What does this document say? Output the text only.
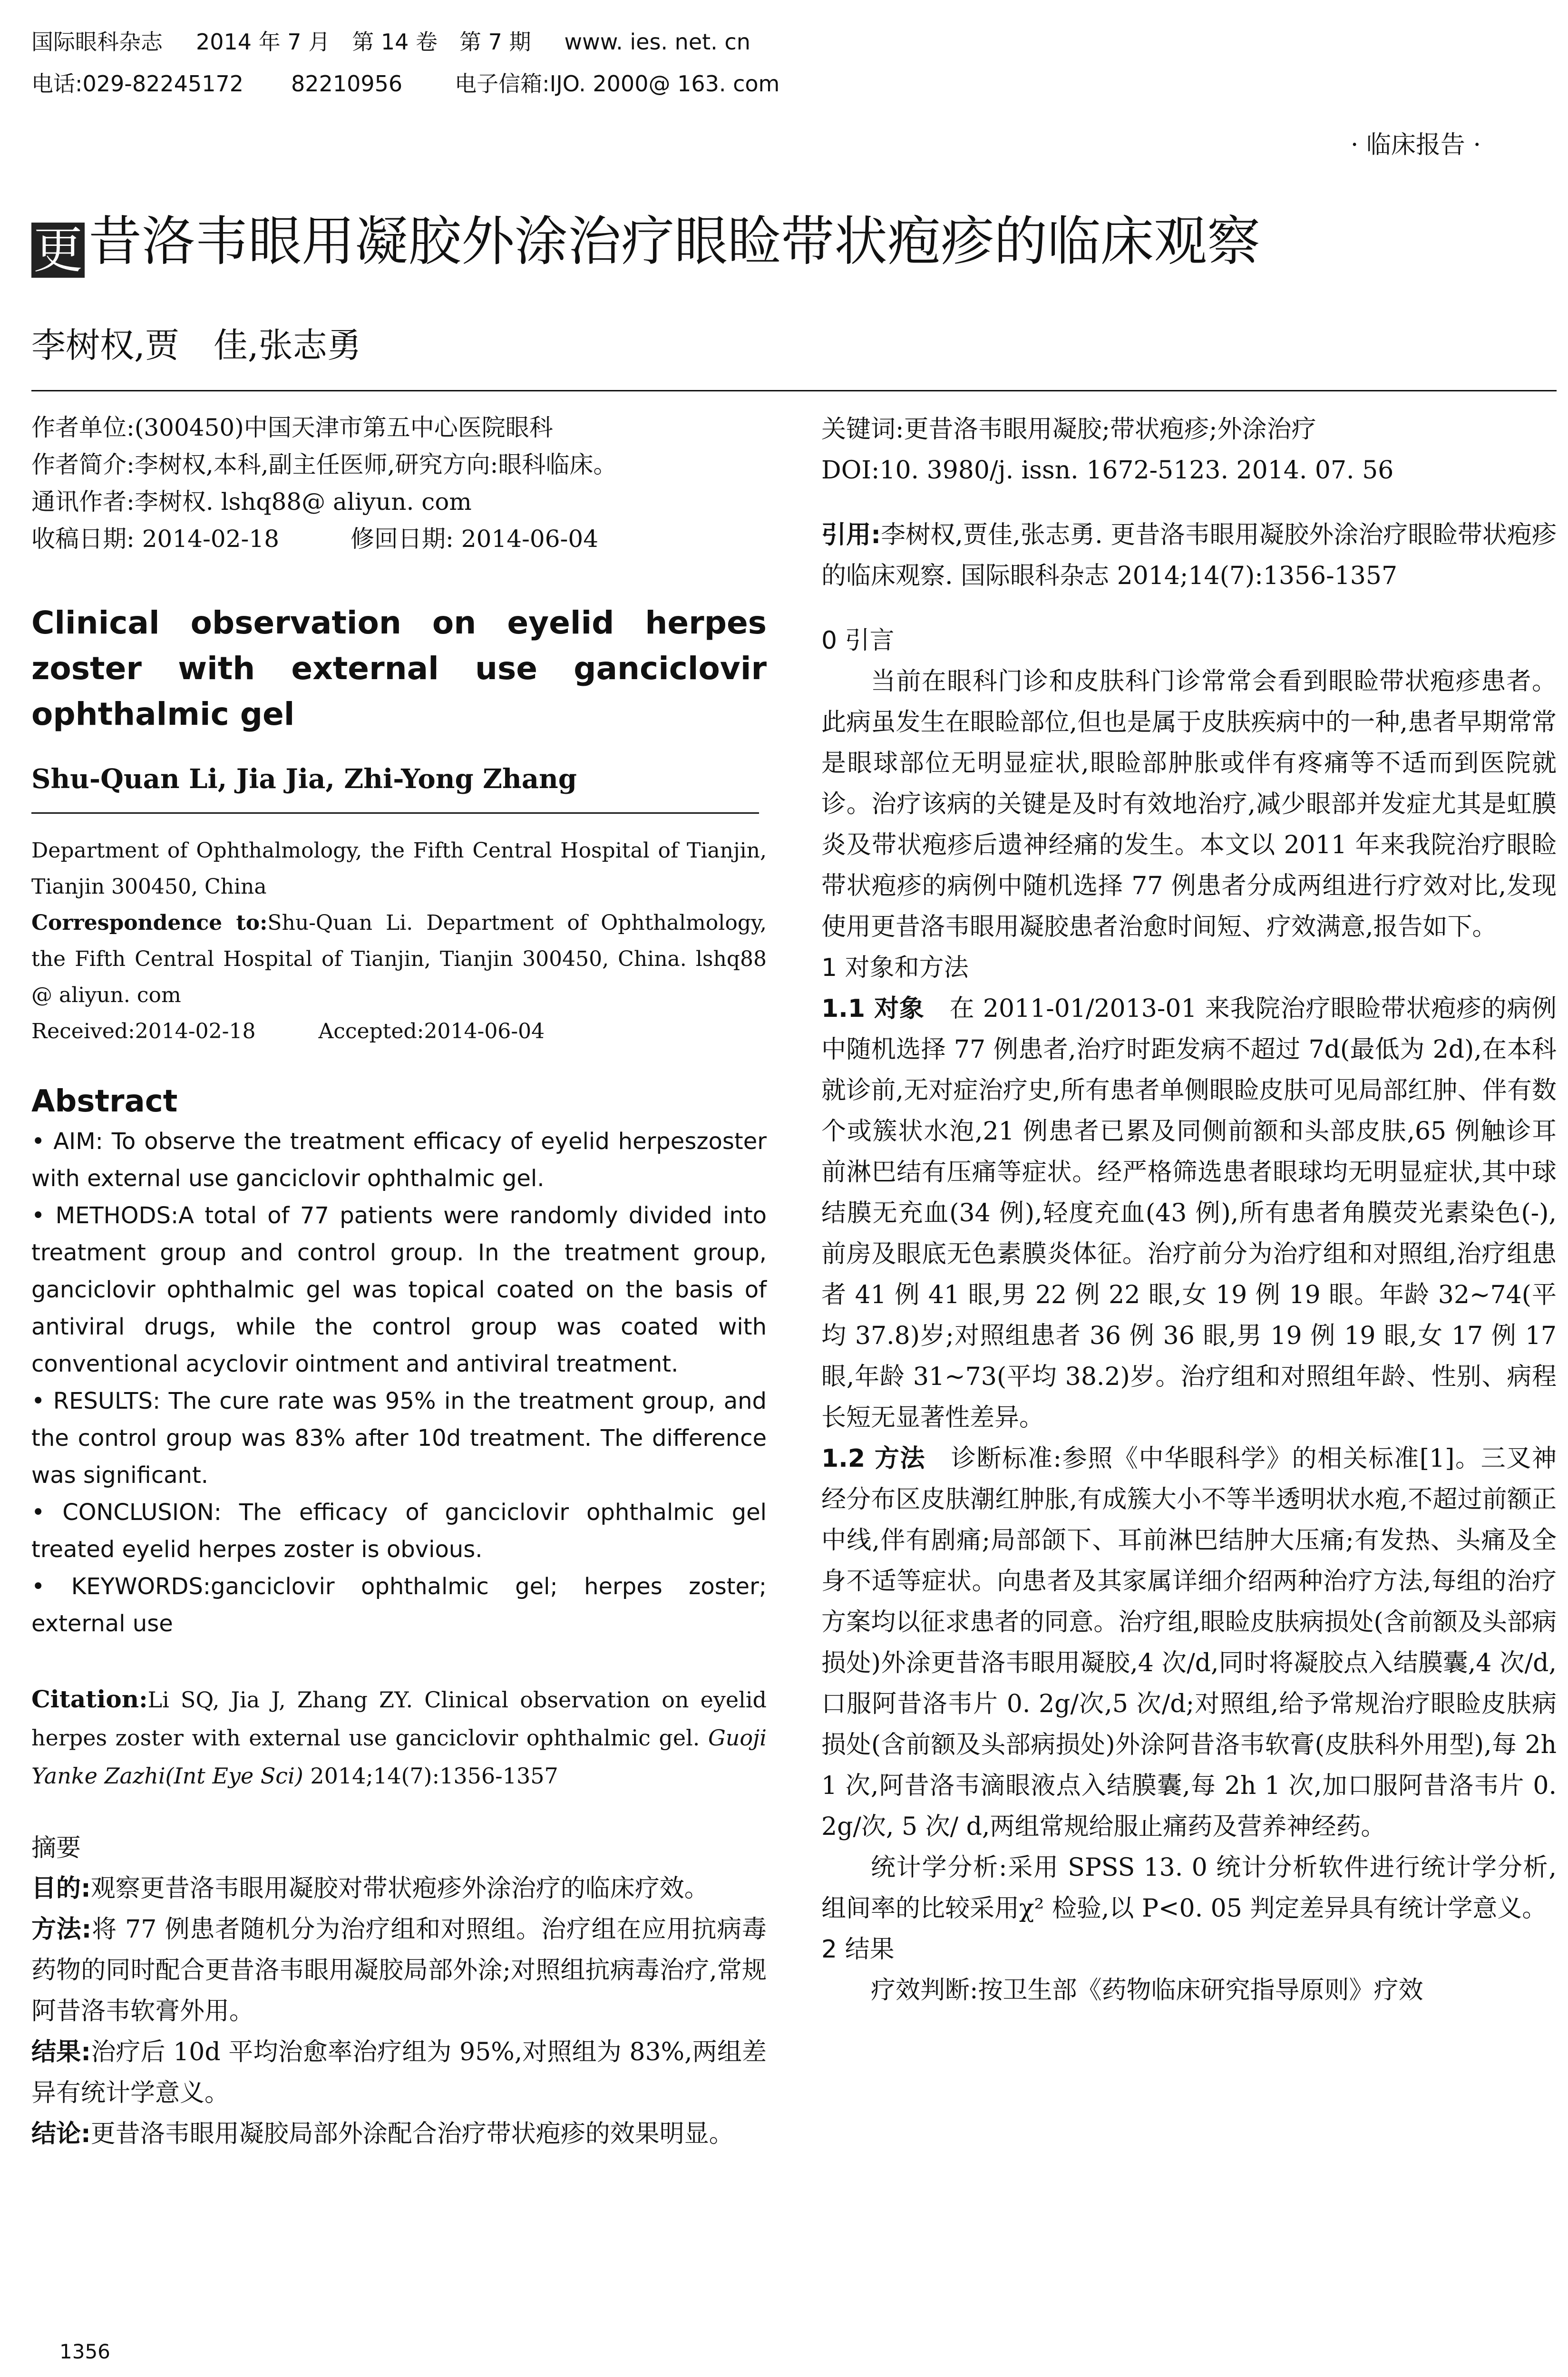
国际眼科杂志 2014 年 7 月　第 14 卷　第 7 期 www. ies. net. cn
电话:029-82245172 82210956 电子信箱:IJO. 2000@ 163. com
· 临床报告 ·
更 昔洛韦眼用凝胶外涂治疗眼睑带状疱疹的临床观察
李树权,贾　佳,张志勇
作者单位:(300450)中国天津市第五中心医院眼科
作者简介:李树权,本科,副主任医师,研究方向:眼科临床。
通讯作者:李树权. lshq88@ aliyun. com
收稿日期: 2014-02-18　　　修回日期: 2014-06-04
Clinical observation on eyelid herpes zoster with external use ganciclovir ophthalmic gel
Shu-Quan Li, Jia Jia, Zhi-Yong Zhang
Department of Ophthalmology, the Fifth Central Hospital of Tianjin, Tianjin 300450, China
Correspondence to:Shu-Quan Li. Department of Ophthalmology, the Fifth Central Hospital of Tianjin, Tianjin 300450, China. lshq88 @ aliyun. com
Received:2014-02-18　　　Accepted:2014-06-04
Abstract
• AIM: To observe the treatment efficacy of eyelid herpeszoster with external use ganciclovir ophthalmic gel.
• METHODS:A total of 77 patients were randomly divided into treatment group and control group. In the treatment group, ganciclovir ophthalmic gel was topical coated on the basis of antiviral drugs, while the control group was coated with conventional acyclovir ointment and antiviral treatment.
• RESULTS: The cure rate was 95% in the treatment group, and the control group was 83% after 10d treatment. The difference was significant.
• CONCLUSION: The efficacy of ganciclovir ophthalmic gel treated eyelid herpes zoster is obvious.
• KEYWORDS:ganciclovir ophthalmic gel; herpes zoster; external use
Citation:Li SQ, Jia J, Zhang ZY. Clinical observation on eyelid herpes zoster with external use ganciclovir ophthalmic gel. Guoji Yanke Zazhi(Int Eye Sci) 2014;14(7):1356-1357
摘要
目的:观察更昔洛韦眼用凝胶对带状疱疹外涂治疗的临床疗效。
方法:将 77 例患者随机分为治疗组和对照组。治疗组在应用抗病毒药物的同时配合更昔洛韦眼用凝胶局部外涂;对照组抗病毒治疗,常规阿昔洛韦软膏外用。
结果:治疗后 10d 平均治愈率治疗组为 95%,对照组为 83%,两组差异有统计学意义。
结论:更昔洛韦眼用凝胶局部外涂配合治疗带状疱疹的效果明显。
关键词:更昔洛韦眼用凝胶;带状疱疹;外涂治疗
DOI:10. 3980/j. issn. 1672-5123. 2014. 07. 56
引用:李树权,贾佳,张志勇. 更昔洛韦眼用凝胶外涂治疗眼睑带状疱疹的临床观察. 国际眼科杂志 2014;14(7):1356-1357
0 引言
当前在眼科门诊和皮肤科门诊常常会看到眼睑带状疱疹患者。此病虽发生在眼睑部位,但也是属于皮肤疾病中的一种,患者早期常常是眼球部位无明显症状,眼睑部肿胀或伴有疼痛等不适而到医院就诊。治疗该病的关键是及时有效地治疗,减少眼部并发症尤其是虹膜炎及带状疱疹后遗神经痛的发生。本文以 2011 年来我院治疗眼睑带状疱疹的病例中随机选择 77 例患者分成两组进行疗效对比,发现使用更昔洛韦眼用凝胶患者治愈时间短、疗效满意,报告如下。
1 对象和方法
1.1 对象　 在 2011-01/2013-01 来我院治疗眼睑带状疱疹的病例中随机选择 77 例患者,治疗时距发病不超过 7d(最低为 2d),在本科就诊前,无对症治疗史,所有患者单侧眼睑皮肤可见局部红肿、伴有数个或簇状水泡,21 例患者已累及同侧前额和头部皮肤,65 例触诊耳前淋巴结有压痛等症状。经严格筛选患者眼球均无明显症状,其中球结膜无充血(34 例),轻度充血(43 例),所有患者角膜荧光素染色(-),前房及眼底无色素膜炎体征。治疗前分为治疗组和对照组,治疗组患者 41 例 41 眼,男 22 例 22 眼,女 19 例 19 眼。年龄 32~74(平均 37.8)岁;对照组患者 36 例 36 眼,男 19 例 19 眼,女 17 例 17 眼,年龄 31~73(平均 38.2)岁。治疗组和对照组年龄、性别、病程长短无显著性差异。
1.2 方法　 诊断标准:参照《中华眼科学》的相关标准[1]。三叉神经分布区皮肤潮红肿胀,有成簇大小不等半透明状水疱,不超过前额正中线,伴有剧痛;局部颌下、耳前淋巴结肿大压痛;有发热、头痛及全身不适等症状。向患者及其家属详细介绍两种治疗方法,每组的治疗方案均以征求患者的同意。治疗组,眼睑皮肤病损处(含前额及头部病损处)外涂更昔洛韦眼用凝胶,4 次/d,同时将凝胶点入结膜囊,4 次/d,口服阿昔洛韦片 0. 2g/次,5 次/d;对照组,给予常规治疗眼睑皮肤病损处(含前额及头部病损处)外涂阿昔洛韦软膏(皮肤科外用型),每 2h 1 次,阿昔洛韦滴眼液点入结膜囊,每 2h 1 次,加口服阿昔洛韦片 0. 2g/次, 5 次/ d,两组常规给服止痛药及营养神经药。
统计学分析:采用 SPSS 13. 0 统计分析软件进行统计学分析,组间率的比较采用χ² 检验,以 P<0. 05 判定差异具有统计学意义。
2 结果
疗效判断:按卫生部《药物临床研究指导原则》疗效
1356
